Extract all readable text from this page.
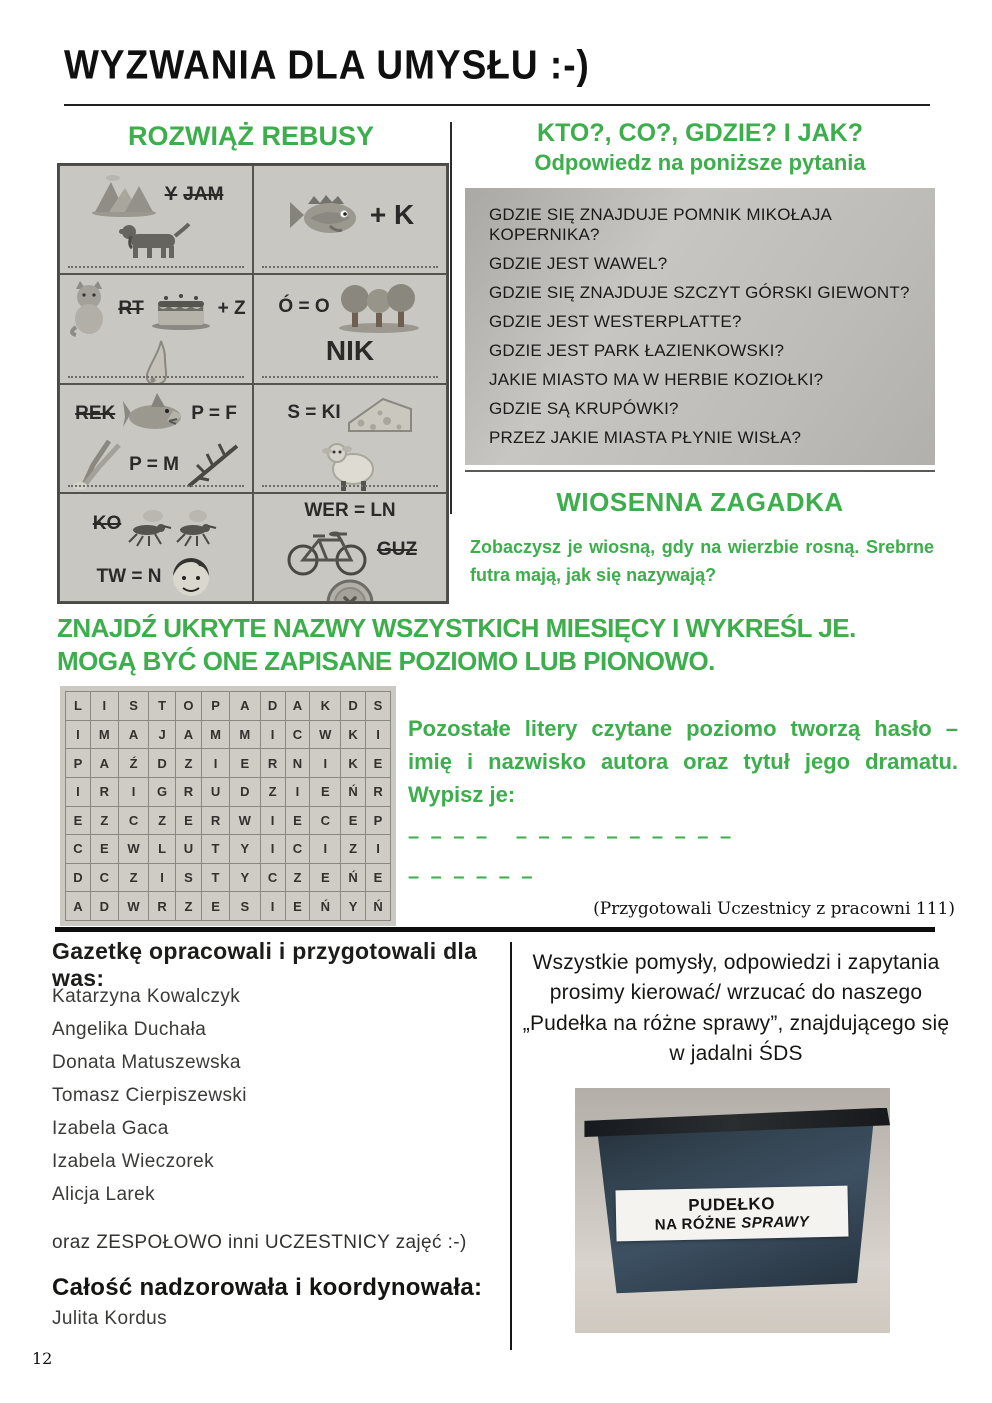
WYZWANIA DLA UMYSŁU :-)
ROZWIĄŻ REBUSY
Y JAM
+ K
RT	+ Z Ó = O
NIK
REK	P = F
P = M
S = KI
KO
TW = N
WER = LN
GUZ
KTO?, CO?, GDZIE? I JAK?
Odpowiedz na poniższe pytania
GDZIE SIĘ ZNAJDUJE POMNIK MIKOŁAJA KOPERNIKA?
GDZIE JEST WAWEL?
GDZIE SIĘ ZNAJDUJE SZCZYT GÓRSKI GIEWONT?
GDZIE JEST WESTERPLATTE?
GDZIE JEST PARK ŁAZIENKOWSKI?
JAKIE MIASTO MA W HERBIE KOZIOŁKI?
GDZIE SĄ KRUPÓWKI?
PRZEZ JAKIE MIASTA PŁYNIE WISŁA?
WIOSENNA ZAGADKA
Zobaczysz je wiosną, gdy na wierzbie rosną. Srebrne futra mają, jak się nazywają?
ZNAJDŹ UKRYTE NAZWY WSZYSTKICH MIESIĘCY I WYKREŚL JE.
MOGĄ BYĆ ONE ZAPISANE POZIOMO LUB PIONOWO.
L	I	S	T	O	P	A	D	A	K	D	S
I	M	A	J	A	M	M	I	C	W	K	I
P	A	Ź	D	Z	I	E	R	N	I	K	E
I	R	I	G	R	U	D	Z	I	E	Ń	R
E	Z	C	Z	E	R	W	I	E	C	E	P
C	E	W	L	U	T	Y	I	C	I	Z	I
D	C	Z	I	S	T	Y	C	Z	E	Ń	E
A	D	W	R	Z	E	S	I	E	Ń	Y	Ń
Pozostałe litery czytane poziomo tworzą hasło – imię i nazwisko autora oraz tytuł jego dramatu. Wypisz je:
– – – –   – – – – – – – – – –
– – – – – –
(Przygotowali Uczestnicy z pracowni 111)
Gazetkę opracowali i przygotowali dla was:
Katarzyna Kowalczyk
Angelika Duchała
Donata Matuszewska
Tomasz Cierpiszewski
Izabela Gaca
Izabela Wieczorek
Alicja Larek
oraz ZESPOŁOWO inni UCZESTNICY zajęć :-)
Całość nadzorowała i koordynowała:
Julita Kordus
Wszystkie pomysły, odpowiedzi i zapytania prosimy kierować/ wrzucać do naszego „Pudełka na różne sprawy”, znajdującego się w jadalni ŚDS
PUDEŁKO
NA RÓŻNE SPRAWY
12
